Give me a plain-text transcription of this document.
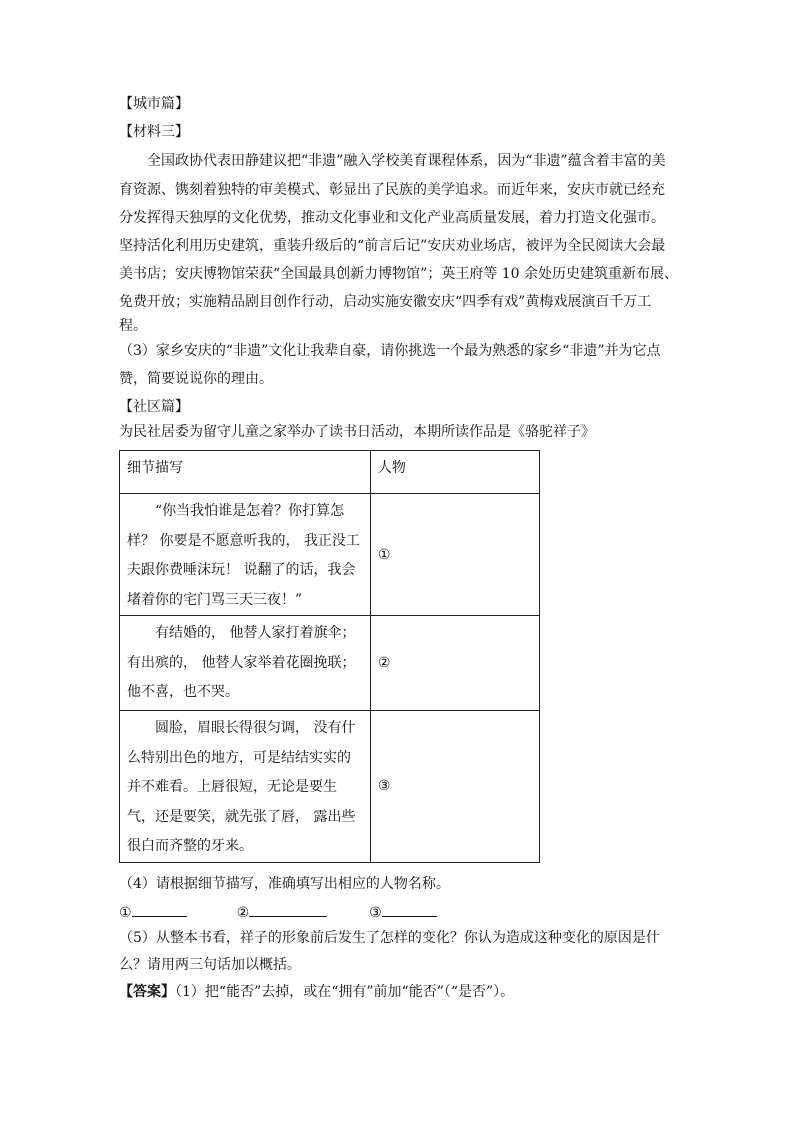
【城市篇】
【材料三】
全国政协代表田静建议把“非遗”融入学校美育课程体系，因为“非遗”蕴含着丰富的美
育资源、镌刻着独特的审美模式、彰显出了民族的美学追求。而近年来，安庆市就已经充
分发挥得天独厚的文化优势，推动文化事业和文化产业高质量发展，着力打造文化强市。
坚持活化利用历史建筑，重装升级后的“前言后记”安庆劝业场店，被评为全民阅读大会最
美书店；安庆博物馆荣获“全国最具创新力博物馆”；英王府等 10 余处历史建筑重新布展、
免费开放；实施精品剧目创作行动，启动实施安徽安庆“四季有戏”黄梅戏展演百千万工
程。
（3）家乡安庆的“非遗”文化让我辈自豪，请你挑选一个最为熟悉的家乡“非遗”并为它点
赞，简要说说你的理由。
【社区篇】
为民社居委为留守儿童之家举办了读书日活动，本期所读作品是《骆驼祥子》
细节描写	人物

“你当我怕谁是怎着？你打算怎样？ 你要是不愿意听我的， 我正没工夫跟你费唾沫玩！ 说翻了的话，我会堵着你的宅门骂三天三夜！”	①

有结婚的， 他替人家打着旗伞；有出殡的， 他替人家举着花圈挽联；他不喜，也不哭。	②

圆脸，眉眼长得很匀调， 没有什么特别出色的地方，可是结结实实的并不难看。上唇很短，无论是要生气，还是要笑，就先张了唇， 露出些很白而齐整的牙来。	③
（4）请根据细节描写，准确填写出相应的人物名称。
①	②	③
（5）从整本书看，祥子的形象前后发生了怎样的变化？你认为造成这种变化的原因是什
么？请用两三句话加以概括。
【答案】（1）把“能否”去掉，或在“拥有”前加“能否”（“是否”）。
